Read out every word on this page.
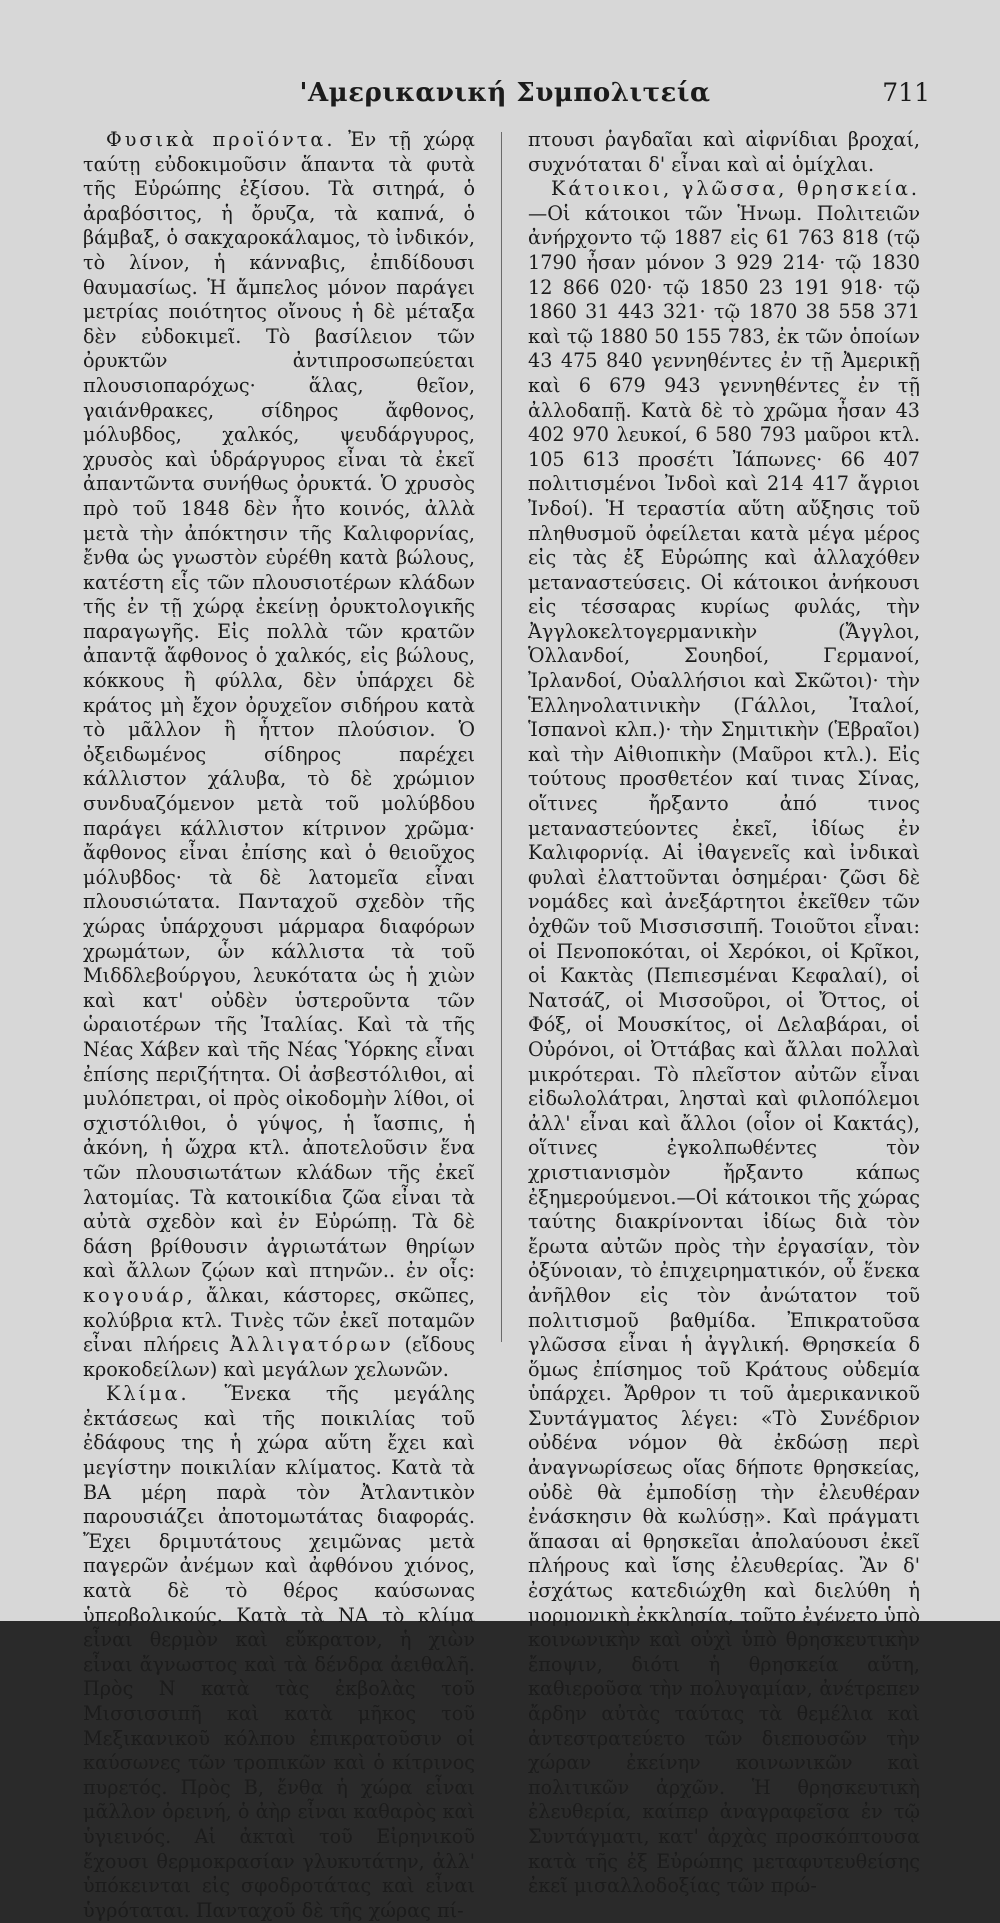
'Αμερικανική Συμπολιτεία	711

Φυσικὰ προϊόντα. Ἐν τῇ χώρᾳ ταύτῃ εὐδοκιμοῦσιν ἅπαντα τὰ φυτὰ τῆς Εὐρώπης ἐξίσου. Τὰ σιτηρά, ὁ ἀραβόσιτος, ἡ ὄρυζα, τὰ καπνά, ὁ βάμβαξ, ὁ σακχαροκάλαμος, τὸ ἰνδικόν, τὸ λίνον, ἡ κάνναβις, ἐπιδίδουσι θαυμασίως. Ἡ ἄμπελος μόνον παράγει μετρίας ποιότητος οἴνους ἡ δὲ μέταξα δὲν εὐδοκιμεῖ. Τὸ βασίλειον τῶν ὀρυκτῶν ἀντιπροσωπεύεται πλουσιοπαρόχως· ἅλας, θεῖον, γαιάνθρακες, σίδηρος ἄφθονος, μόλυβδος, χαλκός, ψευδάργυρος, χρυσὸς καὶ ὑδράργυρος εἶναι τὰ ἐκεῖ ἀπαντῶντα συνήθως ὀρυκτά. Ὁ χρυσὸς πρὸ τοῦ 1848 δὲν ἦτο κοινός, ἀλλὰ μετὰ τὴν ἀπόκτησιν τῆς Καλιφορνίας, ἔνθα ὡς γνωστὸν εὑρέθη κατὰ βώλους, κατέστη εἷς τῶν πλουσιοτέρων κλάδων τῆς ἐν τῇ χώρᾳ ἐκείνῃ ὀρυκτολογικῆς παραγωγῆς. Εἰς πολλὰ τῶν κρατῶν ἀπαντᾷ ἄφθονος ὁ χαλκός, εἰς βώλους, κόκκους ἢ φύλλα, δὲν ὑπάρχει δὲ κράτος μὴ ἔχον ὀρυχεῖον σιδήρου κατὰ τὸ μᾶλλον ἢ ἧττον πλούσιον. Ὁ ὀξειδωμένος σίδηρος παρέχει κάλλιστον χάλυβα, τὸ δὲ χρώμιον συνδυαζόμενον μετὰ τοῦ μολύβδου παράγει κάλλιστον κίτρινον χρῶμα· ἄφθονος εἶναι ἐπίσης καὶ ὁ θειοῦχος μόλυβδος· τὰ δὲ λατομεῖα εἶναι πλουσιώτατα. Πανταχοῦ σχεδὸν τῆς χώρας ὑπάρχουσι μάρμαρα διαφόρων χρωμάτων, ὧν κάλλιστα τὰ τοῦ Μιδδλεβούργου, λευκότατα ὡς ἡ χιὼν καὶ κατ' οὐδὲν ὑστεροῦντα τῶν ὡραιοτέρων τῆς Ἰταλίας. Καὶ τὰ τῆς Νέας Χάβεν καὶ τῆς Νέας Ὑόρκης εἶναι ἐπίσης περιζήτητα. Οἱ ἀσβεστόλιθοι, αἱ μυλόπετραι, οἱ πρὸς οἰκοδομὴν λίθοι, οἱ σχιστόλιθοι, ὁ γύψος, ἡ ἴασπις, ἡ ἀκόνη, ἡ ὤχρα κτλ. ἀποτελοῦσιν ἕνα τῶν πλουσιωτάτων κλάδων τῆς ἐκεῖ λατομίας. Τὰ κατοικίδια ζῶα εἶναι τὰ αὐτὰ σχεδὸν καὶ ἐν Εὐρώπῃ. Τὰ δὲ δάση βρίθουσιν ἀγριωτάτων θηρίων καὶ ἄλλων ζῴων καὶ πτηνῶν.. ἐν οἷς: κογουάρ, ἄλκαι, κάστορες, σκῶπες, κολύβρια κτλ. Τινὲς τῶν ἐκεῖ ποταμῶν εἶναι πλήρεις Ἀλλιγατόρων (εἴδους κροκοδείλων) καὶ μεγάλων χελωνῶν.

Κλίμα. Ἕνεκα τῆς μεγάλης ἐκτάσεως καὶ τῆς ποικιλίας τοῦ ἐδάφους της ἡ χώρα αὕτη ἔχει καὶ μεγίστην ποικιλίαν κλίματος. Κατὰ τὰ ΒΑ μέρη παρὰ τὸν Ἀτλαντικὸν παρουσιάζει ἀποτομωτάτας διαφοράς. Ἔχει δριμυτάτους χειμῶνας μετὰ παγερῶν ἀνέμων καὶ ἀφθόνου χιόνος, κατὰ δὲ τὸ θέρος καύσωνας ὑπερβολικούς. Κατὰ τὰ ΝΑ τὸ κλίμα εἶναι θερμὸν καὶ εὔκρατον, ἡ χιὼν εἶναι ἄγνωστος καὶ τὰ δένδρα ἀειθαλῆ. Πρὸς Ν κατὰ τὰς ἐκβολὰς τοῦ Μισσισσιπῆ καὶ κατὰ μῆκος τοῦ Μεξικανικοῦ κόλπου ἐπικρατοῦσιν οἱ καύσωνες τῶν τροπικῶν καὶ ὁ κίτρινος πυρετός. Πρὸς Β, ἔνθα ἡ χώρα εἶναι μᾶλλον ὀρεινή, ὁ ἀὴρ εἶναι καθαρὸς καὶ ὑγιεινός. Αἱ ἀκταὶ τοῦ Εἰρηνικοῦ ἔχουσι θερμοκρασίαν γλυκυτάτην, ἀλλ' ὑπόκεινται εἰς σφοδροτάτας καὶ εἶναι ὑγρόταται. Πανταχοῦ δὲ τῆς χώρας πί-

πτουσι ῥαγδαῖαι καὶ αἰφνίδιαι βροχαί, συχνόταται δ' εἶναι καὶ αἱ ὁμίχλαι.

Κάτοικοι, γλῶσσα, θρησκεία. —Οἱ κάτοικοι τῶν Ἡνωμ. Πολιτειῶν ἀνήρχοντο τῷ 1887 εἰς 61 763 818 (τῷ 1790 ἦσαν μόνον 3 929 214· τῷ 1830 12 866 020· τῷ 1850 23 191 918· τῷ 1860 31 443 321· τῷ 1870 38 558 371 καὶ τῷ 1880 50 155 783, ἐκ τῶν ὁποίων 43 475 840 γεννηθέντες ἐν τῇ Ἀμερικῇ καὶ 6 679 943 γεννηθέντες ἐν τῇ ἀλλοδαπῇ. Κατὰ δὲ τὸ χρῶμα ἦσαν 43 402 970 λευκοί, 6 580 793 μαῦροι κτλ. 105 613 προσέτι Ἰάπωνες· 66 407 πολιτισμένοι Ἰνδοὶ καὶ 214 417 ἄγριοι Ἰνδοί). Ἡ τεραστία αὕτη αὔξησις τοῦ πληθυσμοῦ ὀφείλεται κατὰ μέγα μέρος εἰς τὰς ἐξ Εὐρώπης καὶ ἀλλαχόθεν μεταναστεύσεις. Οἱ κάτοικοι ἀνήκουσι εἰς τέσσαρας κυρίως φυλάς, τὴν Ἀγγλοκελτογερμανικὴν (Ἄγγλοι, Ὁλλανδοί, Σουηδοί, Γερμανοί, Ἰρλανδοί, Οὐαλλήσιοι καὶ Σκῶτοι)· τὴν Ἑλληνολατινικὴν (Γάλλοι, Ἰταλοί, Ἱσπανοὶ κλπ.)· τὴν Σημιτικὴν (Ἑβραῖοι) καὶ τὴν Αἰθιοπικὴν (Μαῦροι κτλ.). Εἰς τούτους προσθετέον καί τινας Σίνας, οἵτινες ἤρξαντο ἀπό τινος μεταναστεύοντες ἐκεῖ, ἰδίως ἐν Καλιφορνίᾳ. Αἱ ἰθαγενεῖς καὶ ἰνδικαὶ φυλαὶ ἐλαττοῦνται ὁσημέραι· ζῶσι δὲ νομάδες καὶ ἀνεξάρτητοι ἐκεῖθεν τῶν ὀχθῶν τοῦ Μισσισσιπῆ. Τοιοῦτοι εἶναι: οἱ Πενοποκόται, οἱ Χερόκοι, οἱ Κρῖκοι, οἱ Κακτὰς (Πεπιεσμέναι Κεφαλαί), οἱ Νατσάζ, οἱ Μισσοῦροι, οἱ Ὄττος, οἱ Φόξ, οἱ Μουσκίτος, οἱ Δελαβάραι, οἱ Οὐρόνοι, οἱ Ὀττάβας καὶ ἄλλαι πολλαὶ μικρότεραι. Τὸ πλεῖστον αὐτῶν εἶναι εἰδωλολάτραι, λησταὶ καὶ φιλοπόλεμοι ἀλλ' εἶναι καὶ ἄλλοι (οἷον οἱ Κακτάς), οἵτινες ἐγκολπωθέντες τὸν χριστιανισμὸν ἤρξαντο κάπως ἐξημερούμενοι.—Οἱ κάτοικοι τῆς χώρας ταύτης διακρίνονται ἰδίως διὰ τὸν ἔρωτα αὐτῶν πρὸς τὴν ἐργασίαν, τὸν ὀξύνοιαν, τὸ ἐπιχειρηματικόν, οὗ ἕνεκα ἀνῆλθον εἰς τὸν ἀνώτατον τοῦ πολιτισμοῦ βαθμίδα. Ἐπικρατοῦσα γλῶσσα εἶναι ἡ ἀγγλική. Θρησκεία δ ὅμως ἐπίσημος τοῦ Κράτους οὐδεμία ὑπάρχει. Ἄρθρον τι τοῦ ἀμερικανικοῦ Συντάγματος λέγει: «Τὸ Συνέδριον οὐδένα νόμον θὰ ἐκδώσῃ περὶ ἀναγνωρίσεως οἵας δήποτε θρησκείας, οὐδὲ θὰ ἐμποδίσῃ τὴν ἐλευθέραν ἐνάσκησιν θὰ κωλύσῃ». Καὶ πράγματι ἅπασαι αἱ θρησκεῖαι ἀπολαύουσι ἐκεῖ πλήρους καὶ ἴσης ἐλευθερίας. Ἂν δ' ἐσχάτως κατεδιώχθη καὶ διελύθη ἡ μορμονικὴ ἐκκλησία, τοῦτο ἐγένετο ὑπὸ κοινωνικὴν καὶ οὐχὶ ὑπὸ θρησκευτικὴν ἔποψιν, διότι ἡ θρησκεία αὕτη, καθιεροῦσα τὴν πολυγαμίαν, ἀνέτρεπεν ἄρδην αὐτὰς ταύτας τὰ θεμέλια καὶ ἀντεστρατεύετο τῶν διεπουσῶν τὴν χώραν ἐκείνην κοινωνικῶν καὶ πολιτικῶν ἀρχῶν. Ἡ θρησκευτικὴ ἐλευθερία, καίπερ ἀναγραφεῖσα ἐν τῷ Συντάγματι, κατ' ἀρχὰς προσκόπτουσα κατὰ τῆς ἐξ Εὐρώπης μεταφυτευθείσης ἐκεῖ μισαλλοδοξίας τῶν πρώ-
